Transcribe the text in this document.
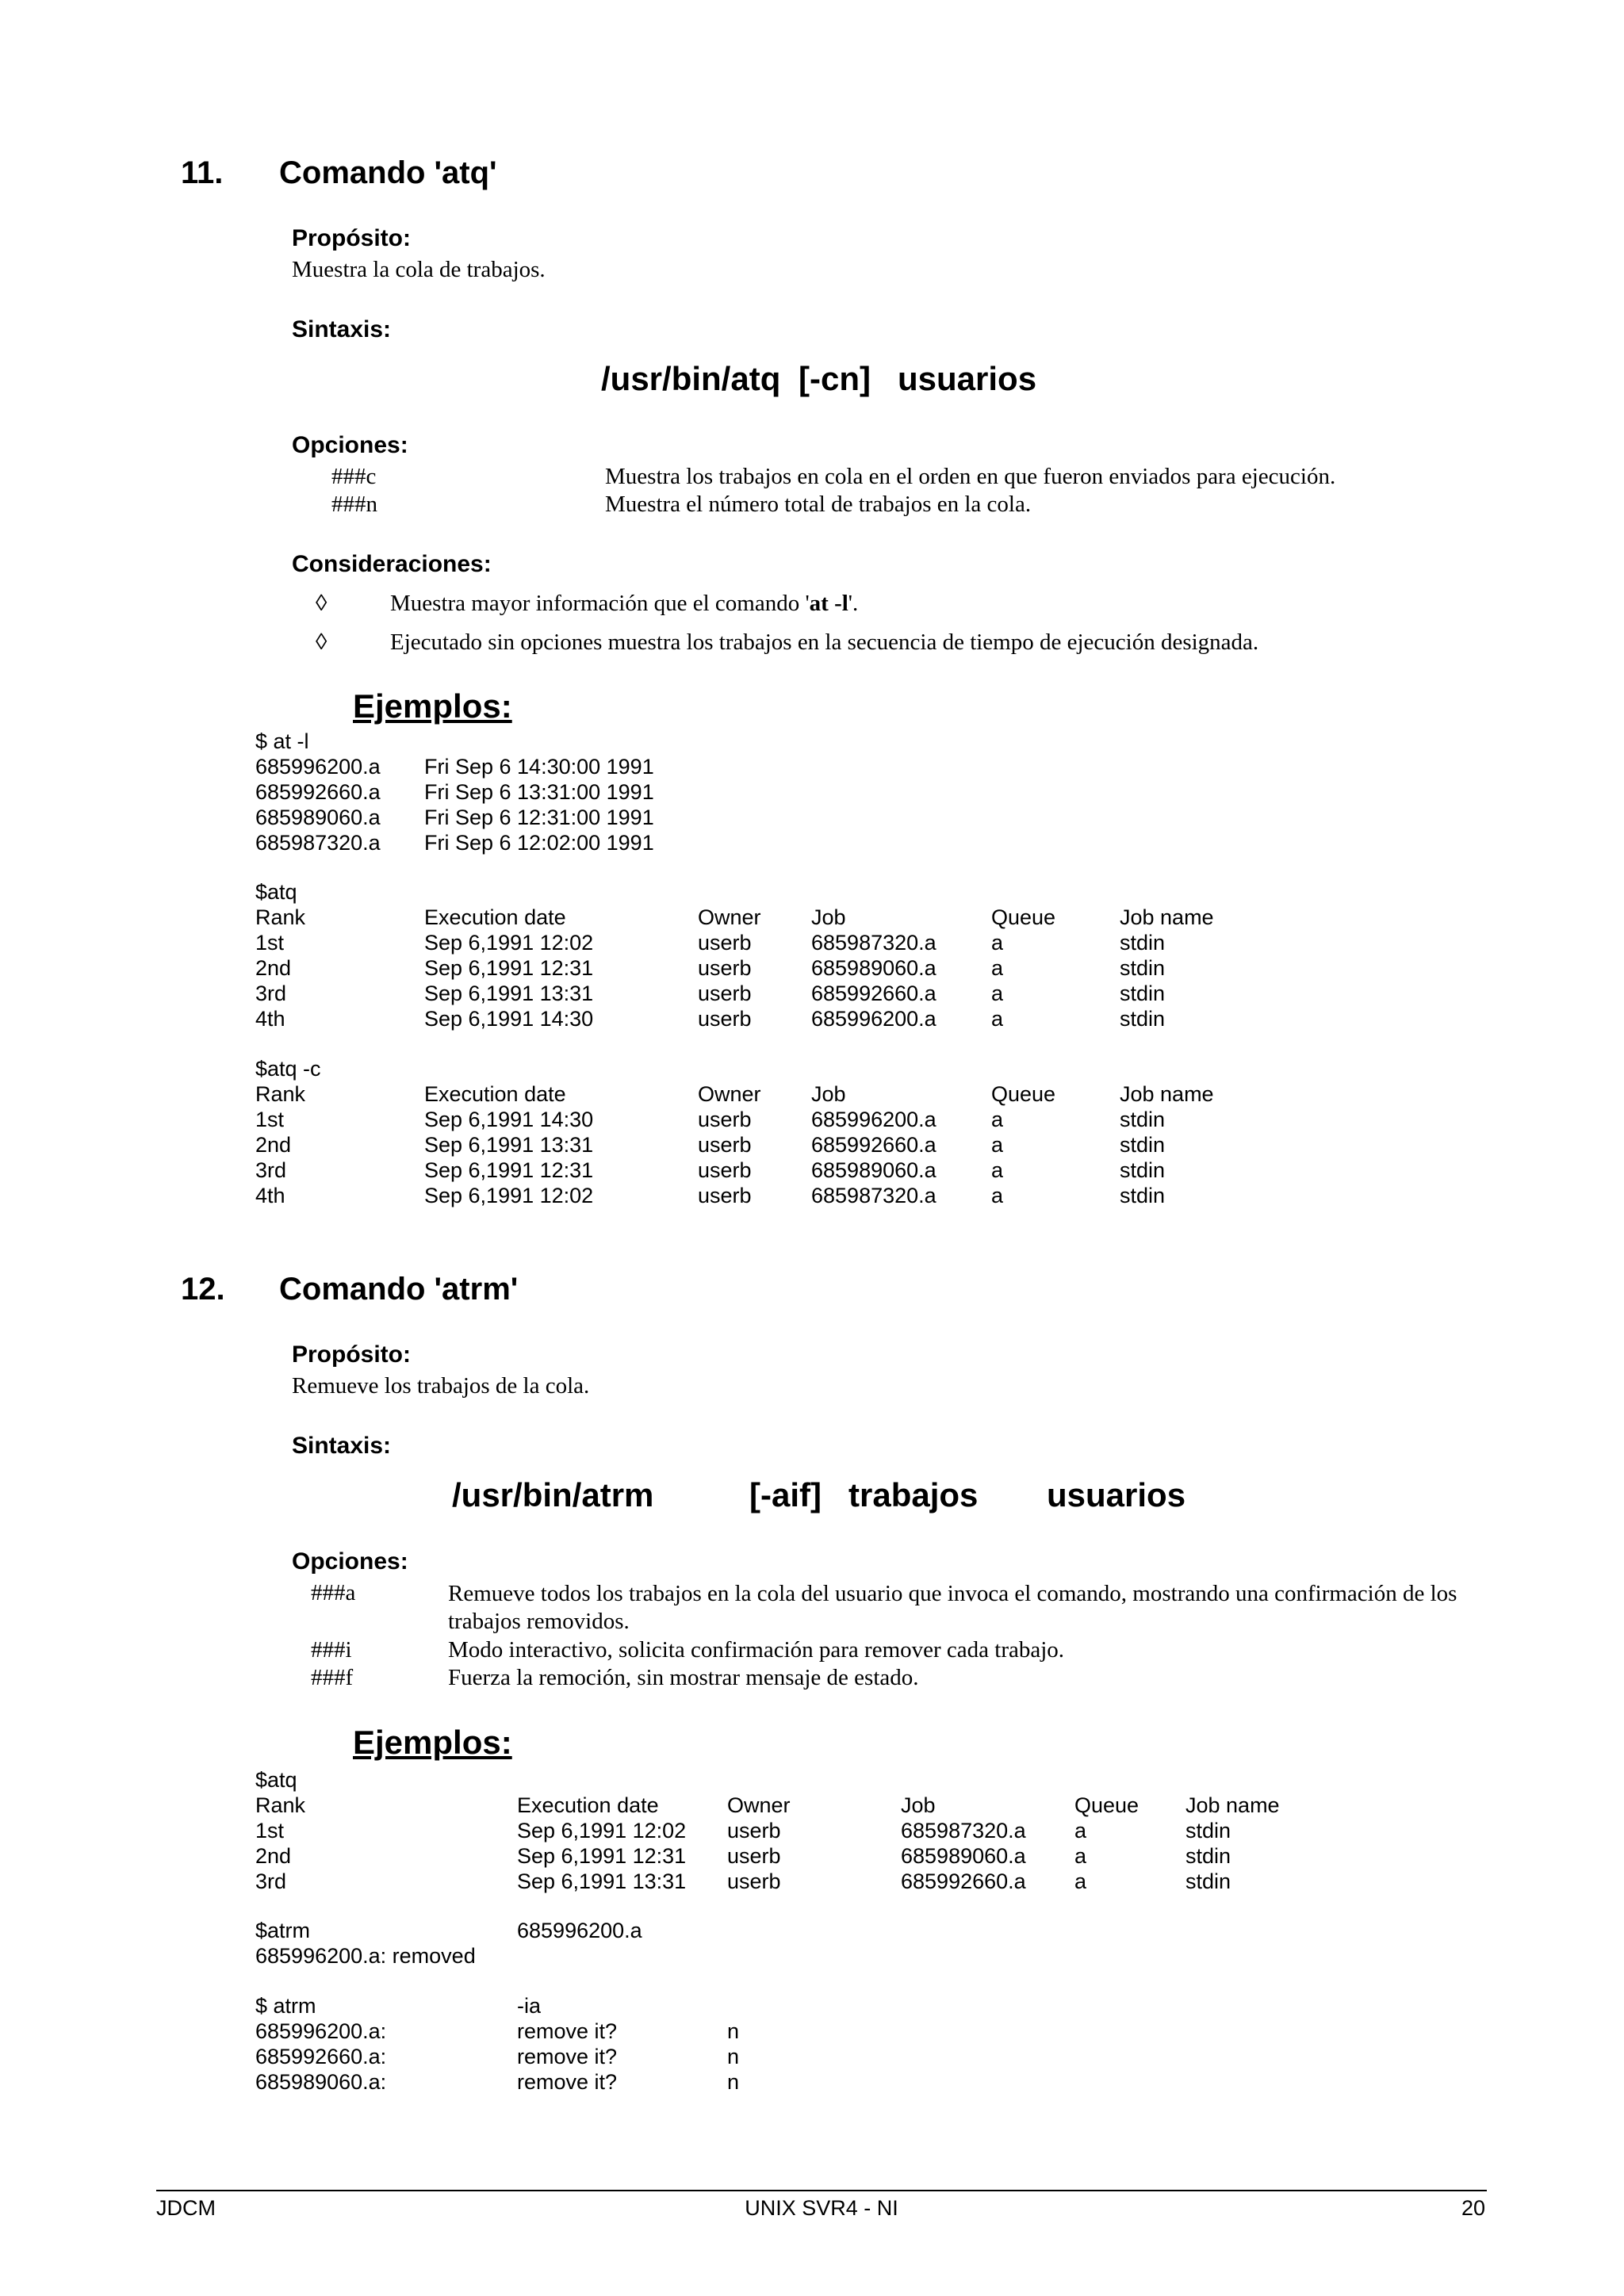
11. Comando 'atq'
Propósito:
Muestra la cola de trabajos.
Sintaxis:
/usr/bin/atq [-cn] usuarios
Opciones:
###c	Muestra los trabajos en cola en el orden en que fueron enviados para ejecución.
###n	Muestra el número total de trabajos en la cola.
Consideraciones:
◊	Muestra mayor información que el comando 'at -l'.
◊	Ejecutado sin opciones muestra los trabajos en la secuencia de tiempo de ejecución designada.
Ejemplos:
$ at -l
685996200.a Fri Sep 6 14:30:00 1991
685992660.a Fri Sep 6 13:31:00 1991
685989060.a Fri Sep 6 12:31:00 1991
685987320.a Fri Sep 6 12:02:00 1991
$atq
Rank	Execution date	Owner Job	Queue	Job name
1st	Sep 6,1991 12:02	userb	685987320.a	a	stdin
2nd	Sep 6,1991 12:31	userb	685989060.a	a	stdin
3rd	Sep 6,1991 13:31	userb	685992660.a	a	stdin
4th	Sep 6,1991 14:30	userb	685996200.a	a	stdin
$atq -c
Rank	Execution date	Owner Job	Queue	Job name
1st	Sep 6,1991 14:30	userb	685996200.a	a	stdin
2nd	Sep 6,1991 13:31	userb	685992660.a	a	stdin
3rd	Sep 6,1991 12:31	userb	685989060.a	a	stdin
4th	Sep 6,1991 12:02	userb	685987320.a	a	stdin
12. Comando 'atrm'
Propósito:
Remueve los trabajos de la cola.
Sintaxis:
/usr/bin/atrm	[-aif] trabajos usuarios
Opciones:
###a	Remueve todos los trabajos en la cola del usuario que invoca el comando, mostrando una confirmación de los trabajos removidos.
###i	Modo interactivo, solicita confirmación para remover cada trabajo.
###f	Fuerza la remoción, sin mostrar mensaje de estado.
Ejemplos:
$atq
Rank	Execution date	Owner	Job	Queue Job name
1st	Sep 6,1991 12:02 userb	685987320.a a	stdin
2nd	Sep 6,1991 12:31 userb	685989060.a a	stdin
3rd	Sep 6,1991 13:31 userb	685992660.a a	stdin
$atrm	685996200.a
685996200.a: removed
$ atrm	-ia
685996200.a:	remove it?	n
685992660.a:	remove it?	n
685989060.a:	remove it?	n
JDCM	UNIX SVR4 - NI	20
